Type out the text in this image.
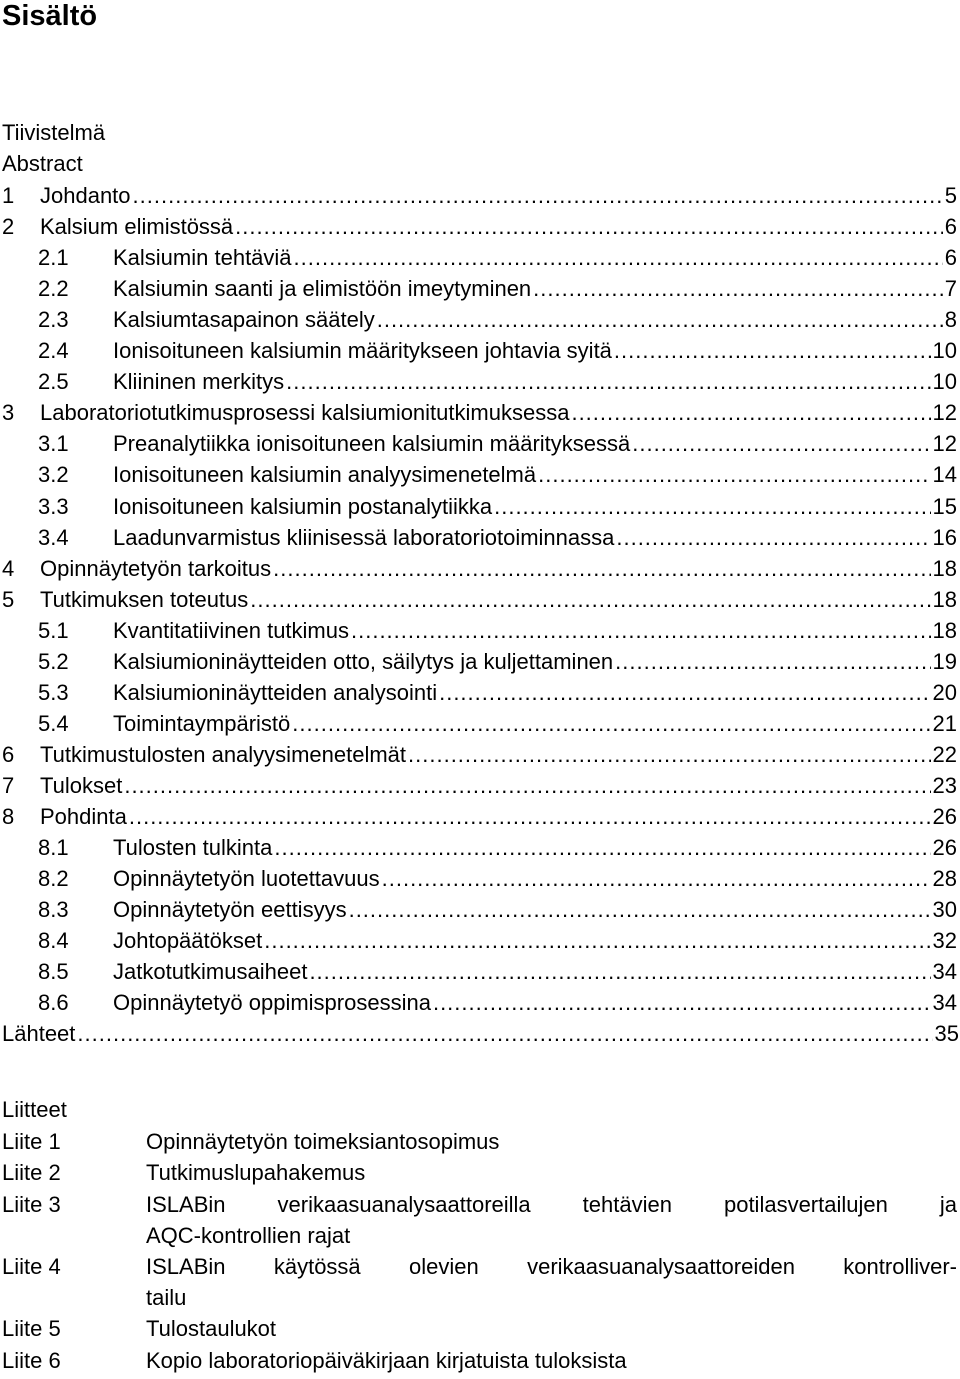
Sisältö
Tiivistelmä
Abstract
1	Johdanto .....	5
2	Kalsium elimistössä .....	6
2.1	Kalsiumin tehtäviä .....	6
2.2	Kalsiumin saanti ja elimistöön imeytyminen .....	7
2.3	Kalsiumtasapainon säätely .....	8
2.4	Ionisoituneen kalsiumin määritykseen johtavia syitä .....	10
2.5	Kliininen merkitys .....	10
3	Laboratoriotutkimusprosessi kalsiumionitutkimuksessa .....	12
3.1	Preanalytiikka ionisoituneen kalsiumin määrityksessä .....	12
3.2	Ionisoituneen kalsiumin analyysimenetelmä .....	14
3.3	Ionisoituneen kalsiumin postanalytiikka .....	15
3.4	Laadunvarmistus kliinisessä laboratoriotoiminnassa .....	16
4	Opinnäytetyön tarkoitus .....	18
5	Tutkimuksen toteutus .....	18
5.1	Kvantitatiivinen tutkimus .....	18
5.2	Kalsiumioninäytteiden otto, säilytys ja kuljettaminen .....	19
5.3	Kalsiumioninäytteiden analysointi .....	20
5.4	Toimintaympäristö .....	21
6	Tutkimustulosten analyysimenetelmät .....	22
7	Tulokset .....	23
8	Pohdinta .....	26
8.1	Tulosten tulkinta .....	26
8.2	Opinnäytetyön luotettavuus .....	28
8.3	Opinnäytetyön eettisyys .....	30
8.4	Johtopäätökset .....	32
8.5	Jatkotutkimusaiheet .....	34
8.6	Opinnäytetyö oppimisprosessina .....	34
Lähteet .....	35
Liitteet
Liite 1	Opinnäytetyön toimeksiantosopimus
Liite 2	Tutkimuslupahakemus
Liite 3	ISLABin verikaasuanalysaattoreilla tehtävien potilasvertailujen ja
AQC-kontrollien rajat
Liite 4	ISLABin käytössä olevien verikaasuanalysaattoreiden kontrolliver-
tailu
Liite 5	Tulostaulukot
Liite 6	Kopio laboratoriopäiväkirjaan kirjatuista tuloksista
